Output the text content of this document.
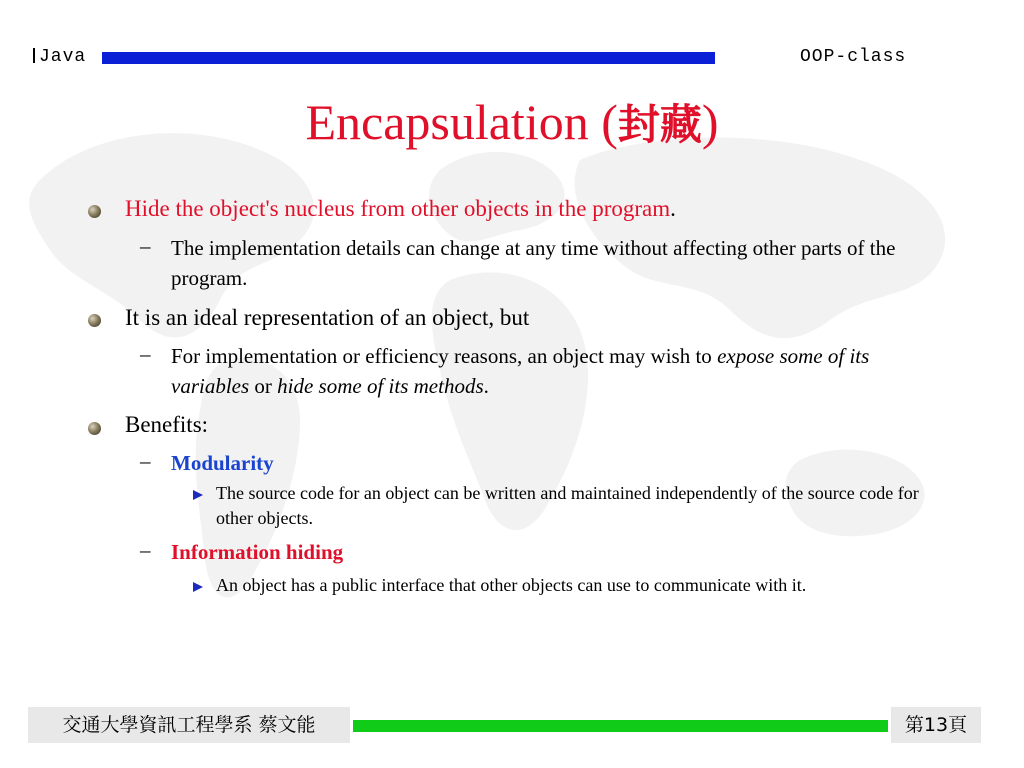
Java	OOP-class
Encapsulation (封藏)
Hide the object's nucleus from other objects in the program.
– The implementation details can change at any time without affecting other parts of the program.
It is an ideal representation of an object, but
– For implementation or efficiency reasons, an object may wish to expose some of its variables or hide some of its methods.
Benefits:
– Modularity
The source code for an object can be written and maintained independently of the source code for other objects.
– Information hiding
An object has a public interface that other objects can use to communicate with it.
交通大學資訊工程學系 蔡文能	第13頁
